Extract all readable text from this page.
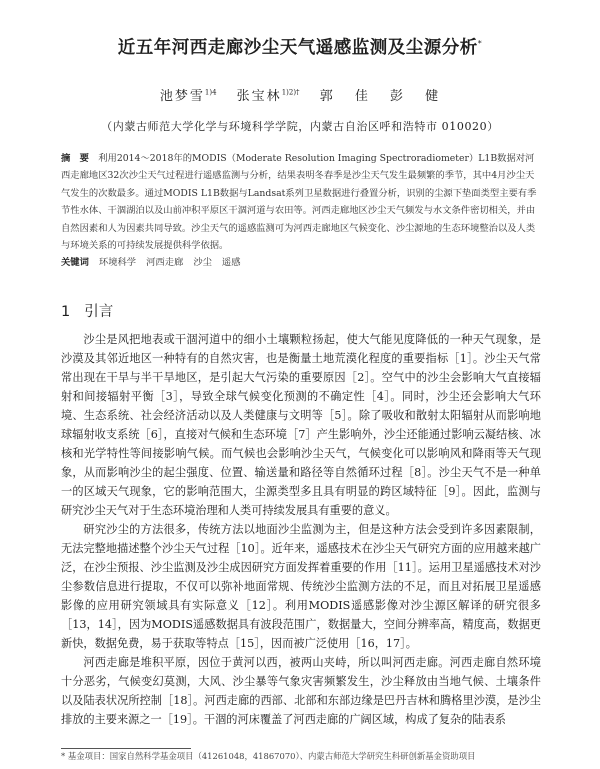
近五年河西走廊沙尘天气遥感监测及尘源分析*
池梦雪$^{1)4}$ 张宝林$^{1)2)\dagger}$ 郭 佳 彭 健
（内蒙古师范大学化学与环境科学学院，内蒙古自治区呼和浩特市 010020）

摘　要　 利用2014～2018年的MODIS（Moderate Resolution Imaging Spectroradiometer）L1B数据对河西走廊地区32次沙尘天气过程进行遥感监测与分析，结果表明冬春季是沙尘天气发生最频繁的季节，其中4月沙尘天气发生的次数最多。通过MODIS L1B数据与Landsat系列卫星数据进行叠置分析，识别的尘源下垫面类型主要有季节性水体、干涸湖泊以及山前冲积平原区干涸河道与农田等。河西走廊地区沙尘天气频发与水文条件密切相关，并由自然因素和人为因素共同导致。沙尘天气的遥感监测可为河西走廊地区气候变化、沙尘源地的生态环境整治以及人类与环境关系的可持续发展提供科学依据。

关键词 环境科学 河西走廊 沙尘 遥感

1 引言

沙尘是风把地表或干涸河道中的细小土壤颗粒扬起，使大气能见度降低的一种天气现象，是沙漠及其邻近地区一种特有的自然灾害，也是衡量土地荒漠化程度的重要指标［1］。沙尘天气常常出现在干旱与半干旱地区，是引起大气污染的重要原因［2］。空气中的沙尘会影响大气直接辐射和间接辐射平衡［3］，导致全球气候变化预测的不确定性［4］。同时，沙尘还会影响大气环境、生态系统、社会经济活动以及人类健康与文明等［5］。除了吸收和散射太阳辐射从而影响地球辐射收支系统［6］，直接对气候和生态环境［7］产生影响外，沙尘还能通过影响云凝结核、冰核和光学特性等间接影响气候。而气候也会影响沙尘天气，气候变化可以影响风和降雨等天气现象，从而影响沙尘的起尘强度、位置、输送量和路径等自然循环过程［8］。沙尘天气不是一种单一的区域天气现象，它的影响范围大，尘源类型多且具有明显的跨区域特征［9］。因此，监测与研究沙尘天气对于生态环境治理和人类可持续发展具有重要的意义。

研究沙尘的方法很多，传统方法以地面沙尘监测为主，但是这种方法会受到许多因素限制，无法完整地描述整个沙尘天气过程［10］。近年来，遥感技术在沙尘天气研究方面的应用越来越广泛，在沙尘预报、沙尘监测及沙尘成因研究方面发挥着重要的作用［11］。运用卫星遥感技术对沙尘参数信息进行提取，不仅可以弥补地面常规、传统沙尘监测方法的不足，而且对拓展卫星遥感影像的应用研究领域具有实际意义［12］。利用MODIS遥感影像对沙尘源区解译的研究很多［13，14］，因为MODIS遥感数据具有波段范围广，数据量大，空间分辨率高，精度高，数据更新快，数据免费，易于获取等特点［15］，因而被广泛使用［16，17］。

河西走廊是堆积平原，因位于黄河以西，被两山夹峙，所以叫河西走廊。河西走廊自然环境十分恶劣，气候变幻莫测，大风、沙尘暴等气象灾害频繁发生，沙尘释放由当地气候、土壤条件以及陆表状况所控制［18］。河西走廊的西部、北部和东部边缘是巴丹吉林和腾格里沙漠，是沙尘排放的主要来源之一［19］。干涸的河床覆盖了河西走廊的广阔区域，构成了复杂的陆表系

* 基金项目：国家自然科学基金项目（41261048，41867070）、内蒙古师范大学研究生科研创新基金资助项目
